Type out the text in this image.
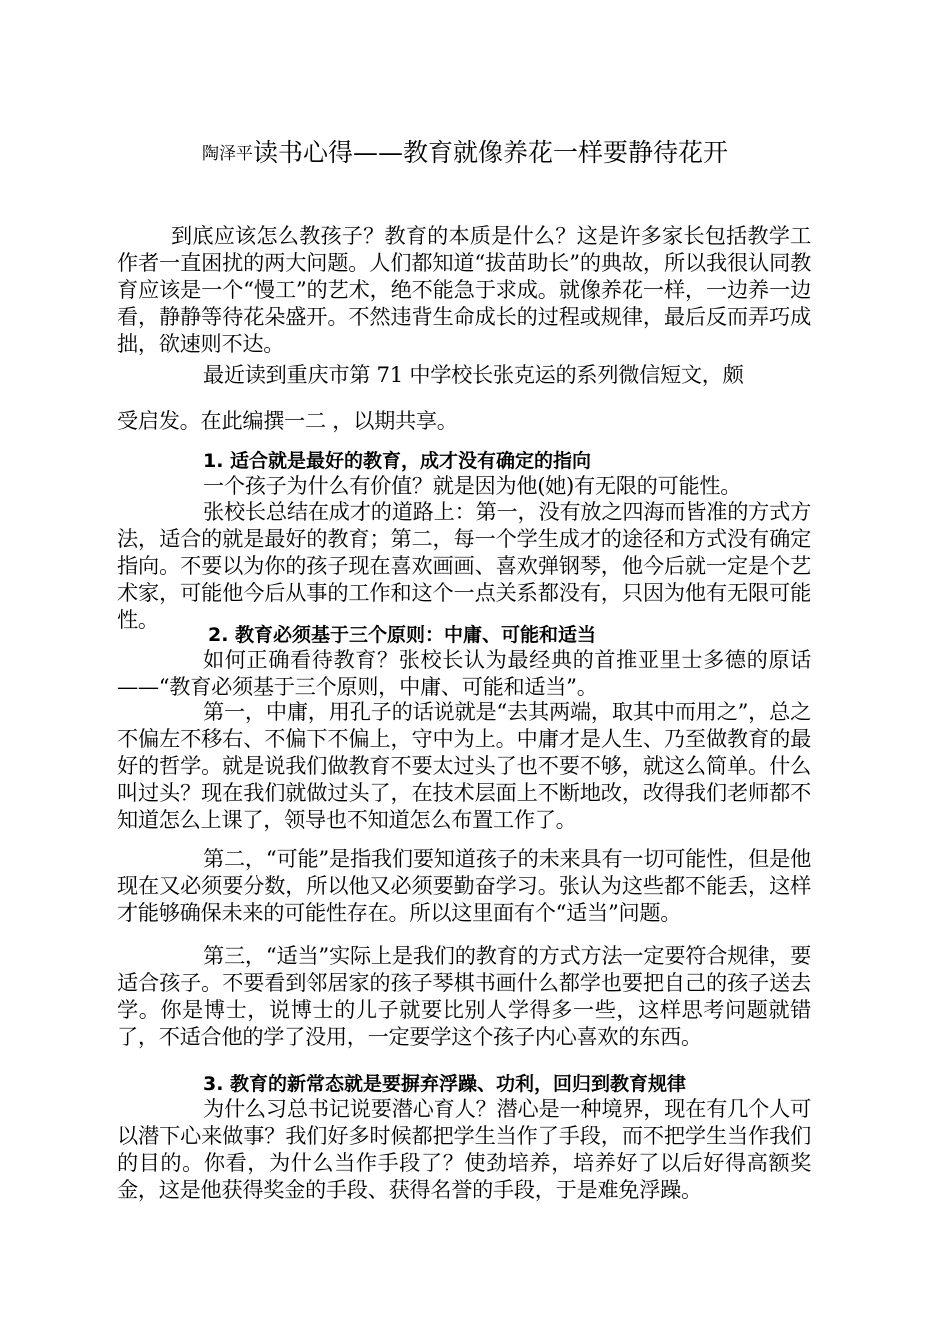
陶泽平读书心得——教育就像养花一样要静待花开

到底应该怎么教孩子？教育的本质是什么？这是许多家长包括教学工作者一直困扰的两大问题。人们都知道“拔苗助长”的典故，所以我很认同教育应该是一个“慢工”的艺术，绝不能急于求成。就像养花一样，一边养一边看，静静等待花朵盛开。不然违背生命成长的过程或规律，最后反而弄巧成拙，欲速则不达。

最近读到重庆市第 71 中学校长张克运的系列微信短文，颇

受启发。在此编撰一二 ，以期共享。

1. 适合就是最好的教育，成才没有确定的指向

一个孩子为什么有价值？就是因为他(她)有无限的可能性。

张校长总结在成才的道路上：第一，没有放之四海而皆准的方式方法，适合的就是最好的教育；第二，每一个学生成才的途径和方式没有确定指向。不要以为你的孩子现在喜欢画画、喜欢弹钢琴，他今后就一定是个艺术家，可能他今后从事的工作和这个一点关系都没有，只因为他有无限可能性。

2. 教育必须基于三个原则：中庸、可能和适当

如何正确看待教育？张校长认为最经典的首推亚里士多德的原话——“教育必须基于三个原则，中庸、可能和适当”。

第一，中庸，用孔子的话说就是“去其两端，取其中而用之”，总之不偏左不移右、不偏下不偏上，守中为上。中庸才是人生、乃至做教育的最好的哲学。就是说我们做教育不要太过头了也不要不够，就这么简单。什么叫过头？现在我们就做过头了，在技术层面上不断地改，改得我们老师都不知道怎么上课了，领导也不知道怎么布置工作了。

第二，“可能”是指我们要知道孩子的未来具有一切可能性，但是他现在又必须要分数，所以他又必须要勤奋学习。张认为这些都不能丢，这样才能够确保未来的可能性存在。所以这里面有个“适当”问题。

第三，“适当”实际上是我们的教育的方式方法一定要符合规律，要适合孩子。不要看到邻居家的孩子琴棋书画什么都学也要把自己的孩子送去学。你是博士，说博士的儿子就要比别人学得多一些，这样思考问题就错了，不适合他的学了没用，一定要学这个孩子内心喜欢的东西。

3. 教育的新常态就是要摒弃浮躁、功利，回归到教育规律

为什么习总书记说要潜心育人？潜心是一种境界，现在有几个人可以潜下心来做事？我们好多时候都把学生当作了手段，而不把学生当作我们的目的。你看，为什么当作手段了？使劲培养，培养好了以后好得高额奖金，这是他获得奖金的手段、获得名誉的手段，于是难免浮躁。
